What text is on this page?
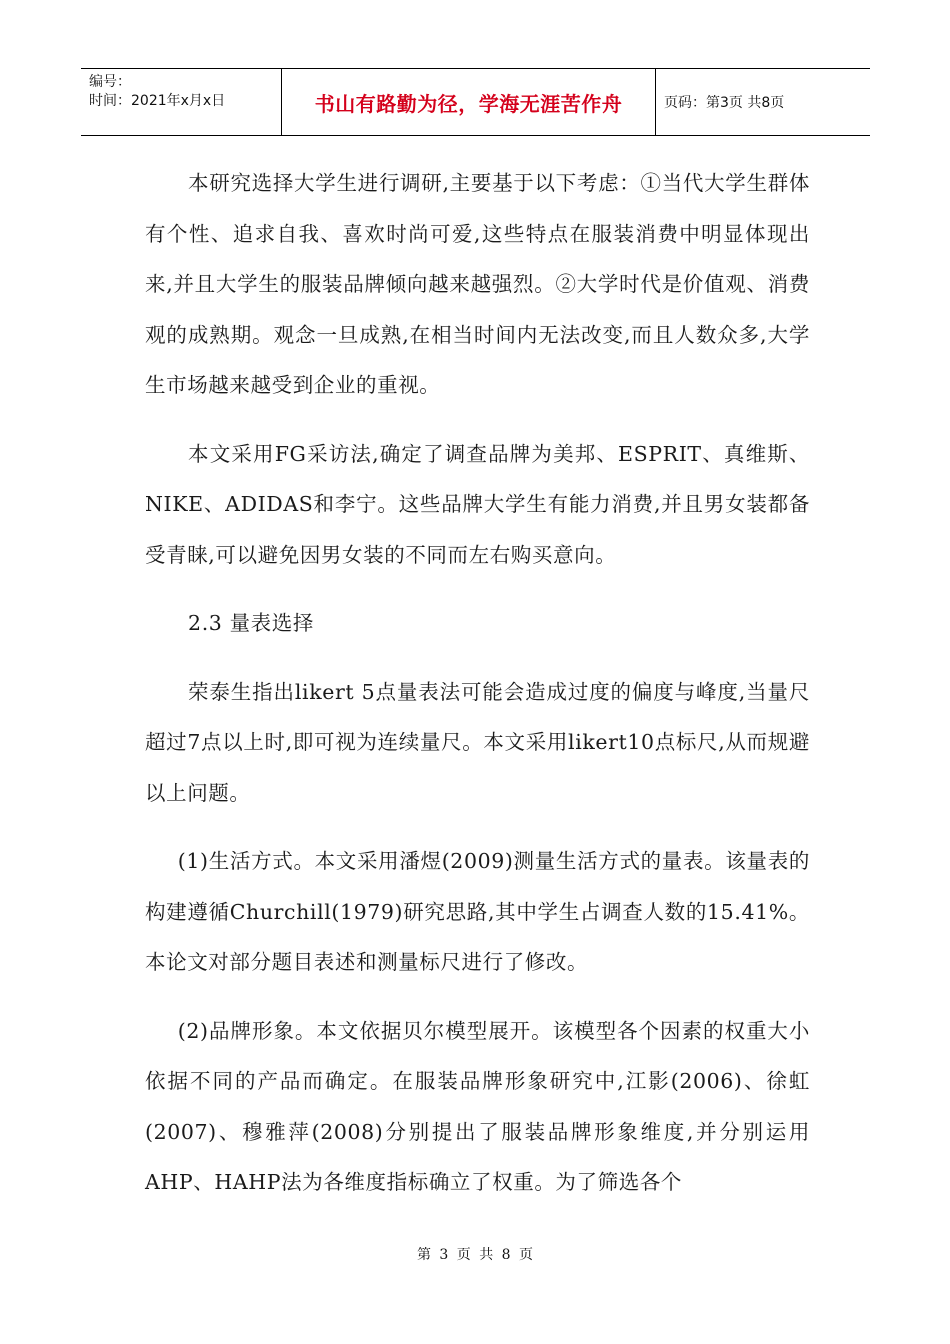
编号：
时间：2021年x月x日	书山有路勤为径，学海无涯苦作舟	页码：第3页 共8页

本研究选择大学生进行调研,主要基于以下考虑：①当代大学生群体有个性、追求自我、喜欢时尚可爱,这些特点在服装消费中明显体现出来,并且大学生的服装品牌倾向越来越强烈。②大学时代是价值观、消费观的成熟期。观念一旦成熟,在相当时间内无法改变,而且人数众多,大学生市场越来越受到企业的重视。

本文采用FG采访法,确定了调查品牌为美邦、ESPRIT、真维斯、NIKE、ADIDAS和李宁。这些品牌大学生有能力消费,并且男女装都备受青睐,可以避免因男女装的不同而左右购买意向。

2.3 量表选择

荣泰生指出likert 5点量表法可能会造成过度的偏度与峰度,当量尺超过7点以上时,即可视为连续量尺。本文采用likert10点标尺,从而规避以上问题。

(1)生活方式。本文采用潘煜(2009)测量生活方式的量表。该量表的构建遵循Churchill(1979)研究思路,其中学生占调查人数的15.41%。本论文对部分题目表述和测量标尺进行了修改。

(2)品牌形象。本文依据贝尔模型展开。该模型各个因素的权重大小依据不同的产品而确定。在服装品牌形象研究中,江影(2006)、徐虹(2007)、穆雅萍(2008)分别提出了服装品牌形象维度,并分别运用AHP、HAHP法为各维度指标确立了权重。为了筛选各个

第 3 页 共 8 页
